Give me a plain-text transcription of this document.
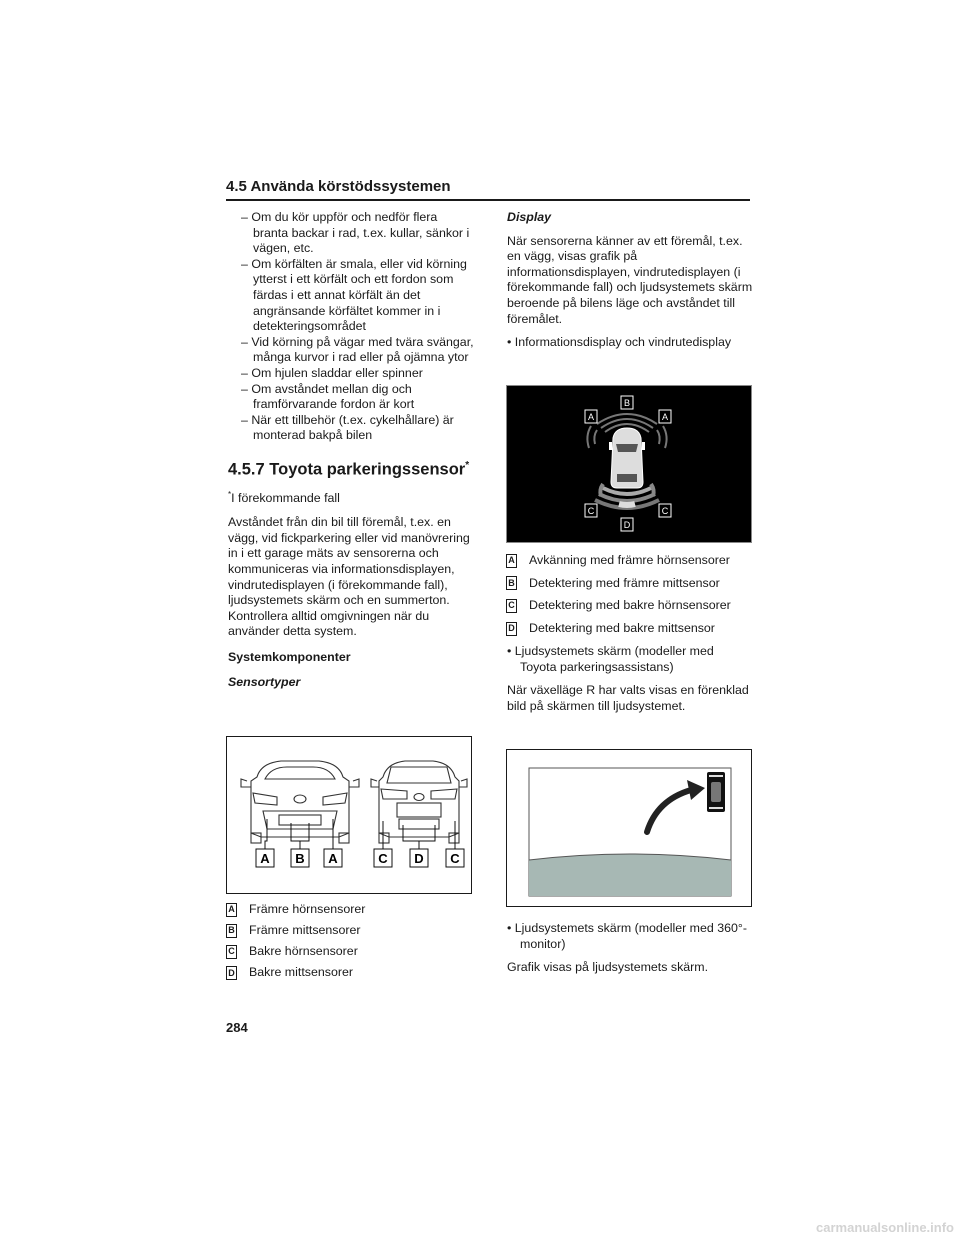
4.5 Använda körstödssystemen

– Om du kör uppför och nedför flera branta backar i rad, t.ex. kullar, sänkor i vägen, etc.

– Om körfälten är smala, eller vid körning ytterst i ett körfält och ett fordon som färdas i ett annat körfält än det angränsande körfältet kommer in i detekteringsområdet

– Vid körning på vägar med tvära svängar, många kurvor i rad eller på ojämna ytor

– Om hjulen sladdar eller spinner

– Om avståndet mellan dig och framförvarande fordon är kort

– När ett tillbehör (t.ex. cykelhållare) är monterad bakpå bilen

4.5.7 Toyota parkeringssensor*

*I förekommande fall

Avståndet från din bil till föremål, t.ex. en vägg, vid fickparkering eller vid manövrering in i ett garage mäts av sensorerna och kommuniceras via informationsdisplayen, vindrutedisplayen (i förekommande fall), ljudsystemets skärm och en summerton. Kontrollera alltid omgivningen när du använder detta system.

Systemkomponenter

Sensortyper

A B A	C D C
A Främre hörnsensorer
B Främre mittsensorer
C Bakre hörnsensorer
D Bakre mittsensorer

Display

När sensorerna känner av ett föremål, t.ex. en vägg, visas grafik på informationsdisplayen, vindrutedisplayen (i förekommande fall) och ljudsystemets skärm beroende på bilens läge och avståndet till föremålet.

• Informationsdisplay och vindrutedisplay

B
A	A
C	C
D
A Avkänning med främre hörnsensorer
B Detektering med främre mittsensor
C Detektering med bakre hörnsensorer
D Detektering med bakre mittsensor

• Ljudsystemets skärm (modeller med Toyota parkeringsassistans)

När växelläge R har valts visas en förenklad bild på skärmen till ljudsystemet.

• Ljudsystemets skärm (modeller med 360°-monitor)

Grafik visas på ljudsystemets skärm.

284
carmanualsonline.info
